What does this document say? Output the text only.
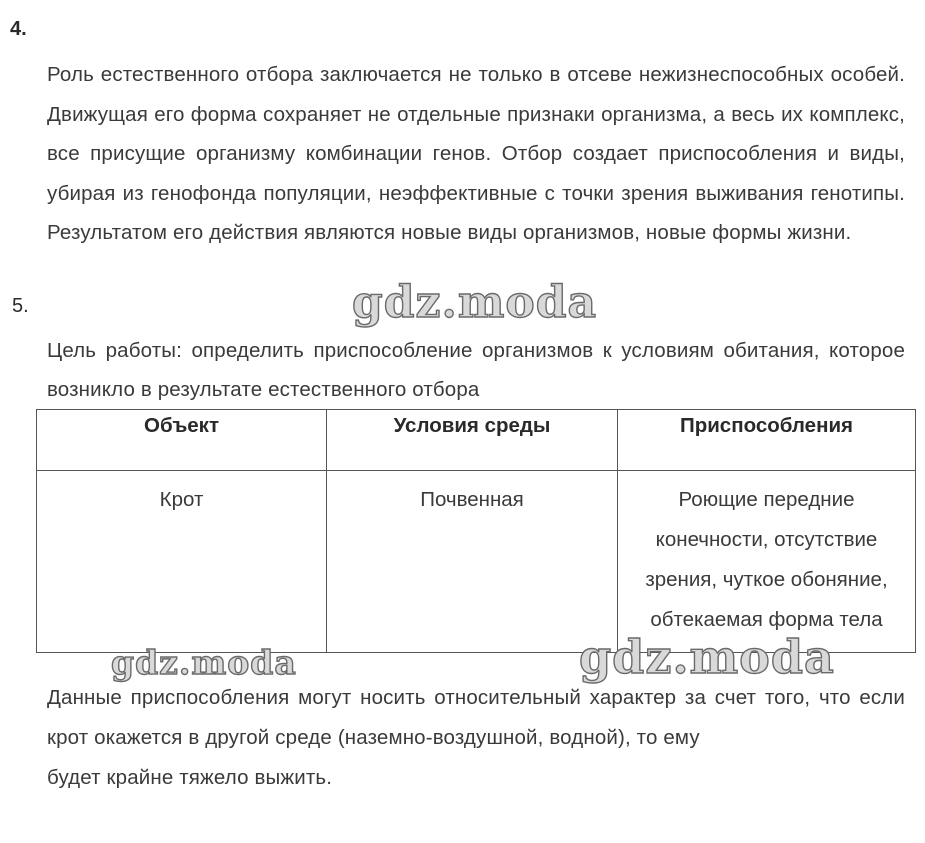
4.

Роль естественного отбора заключается не только в отсеве нежизнеспособных особей. Движущая его форма сохраняет не отдельные признаки организма, а весь их комплекс, все присущие организму комбинации генов. Отбор создает приспособления и виды, убирая из генофонда популяции, неэффективные с точки зрения выживания генотипы. Результатом его действия являются новые виды организмов, новые формы жизни.

gdz.moda
5.

Цель работы: определить приспособление организмов к условиям обитания, которое возникло в результате естественного отбора

Объект	Условия среды	Приспособления
Крот	Почвенная	Роющие передние конечности, отсутствие зрения, чуткое обоняние, обтекаемая форма тела
gdz.moda	gdz.moda

Данные приспособления могут носить относительный характер за счет того, что если крот окажется в другой среде (наземно-воздушной, водной), то ему

будет крайне тяжело выжить.
